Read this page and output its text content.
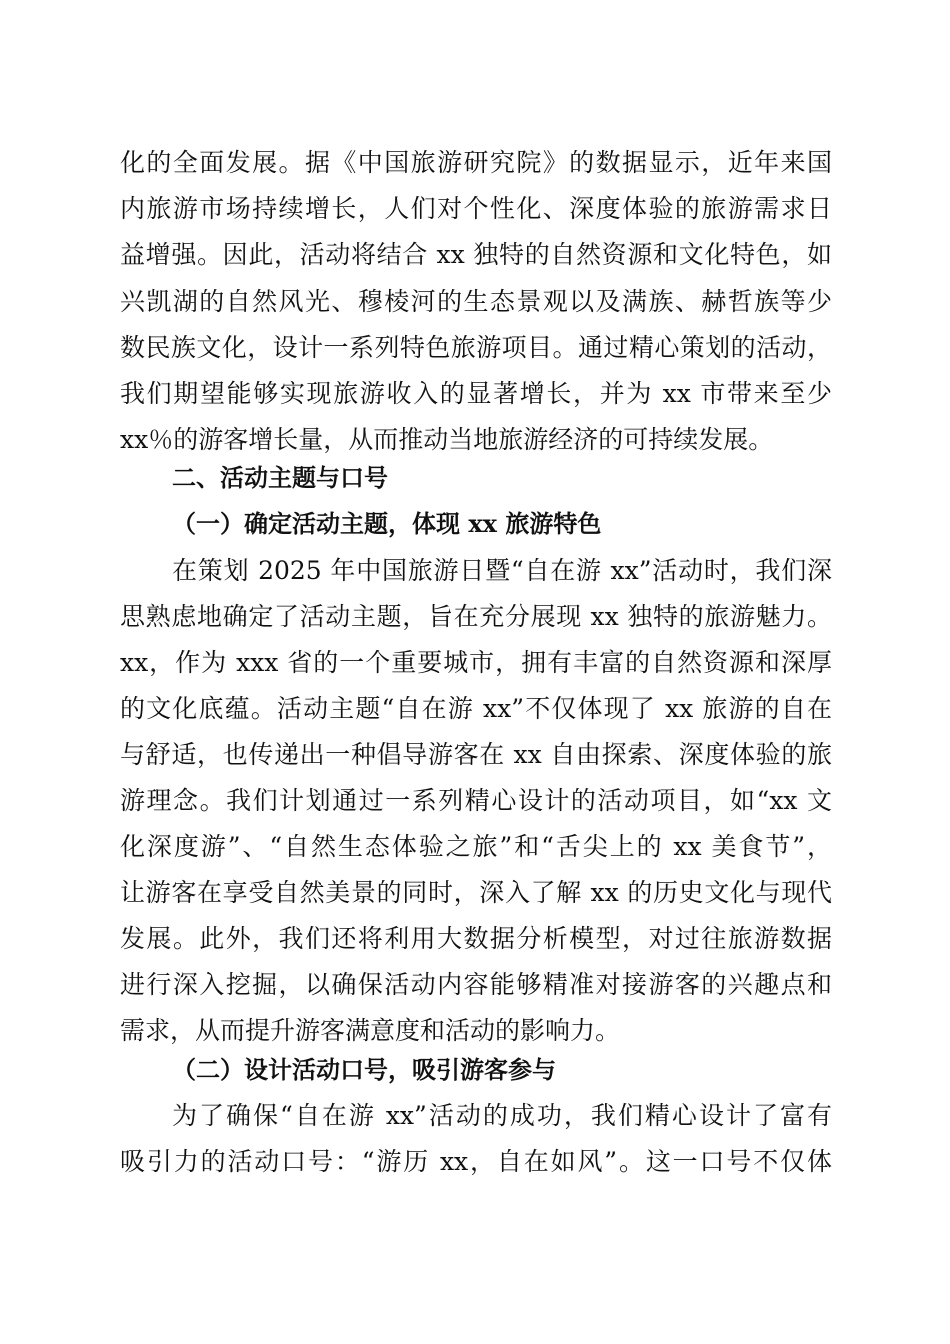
化的全面发展。据《中国旅游研究院》的数据显示，近年来国
内旅游市场持续增长，人们对个性化、深度体验的旅游需求日
益增强。因此，活动将结合 xx 独特的自然资源和文化特色，如
兴凯湖的自然风光、穆棱河的生态景观以及满族、赫哲族等少
数民族文化，设计一系列特色旅游项目。通过精心策划的活动，
我们期望能够实现旅游收入的显著增长，并为 xx 市带来至少
xx％的游客增长量，从而推动当地旅游经济的可持续发展。
二、活动主题与口号
（一）确定活动主题，体现 xx 旅游特色
在策划 2025 年中国旅游日暨“自在游 xx”活动时，我们深
思熟虑地确定了活动主题，旨在充分展现 xx 独特的旅游魅力。
xx，作为 xxx 省的一个重要城市，拥有丰富的自然资源和深厚
的文化底蕴。活动主题“自在游 xx”不仅体现了 xx 旅游的自在
与舒适，也传递出一种倡导游客在 xx 自由探索、深度体验的旅
游理念。我们计划通过一系列精心设计的活动项目，如“xx 文
化深度游”、“自然生态体验之旅”和“舌尖上的 xx 美食节”，
让游客在享受自然美景的同时，深入了解 xx 的历史文化与现代
发展。此外，我们还将利用大数据分析模型，对过往旅游数据
进行深入挖掘，以确保活动内容能够精准对接游客的兴趣点和
需求，从而提升游客满意度和活动的影响力。
（二）设计活动口号，吸引游客参与
为了确保“自在游 xx”活动的成功，我们精心设计了富有
吸引力的活动口号：“游历 xx，自在如风”。这一口号不仅体
